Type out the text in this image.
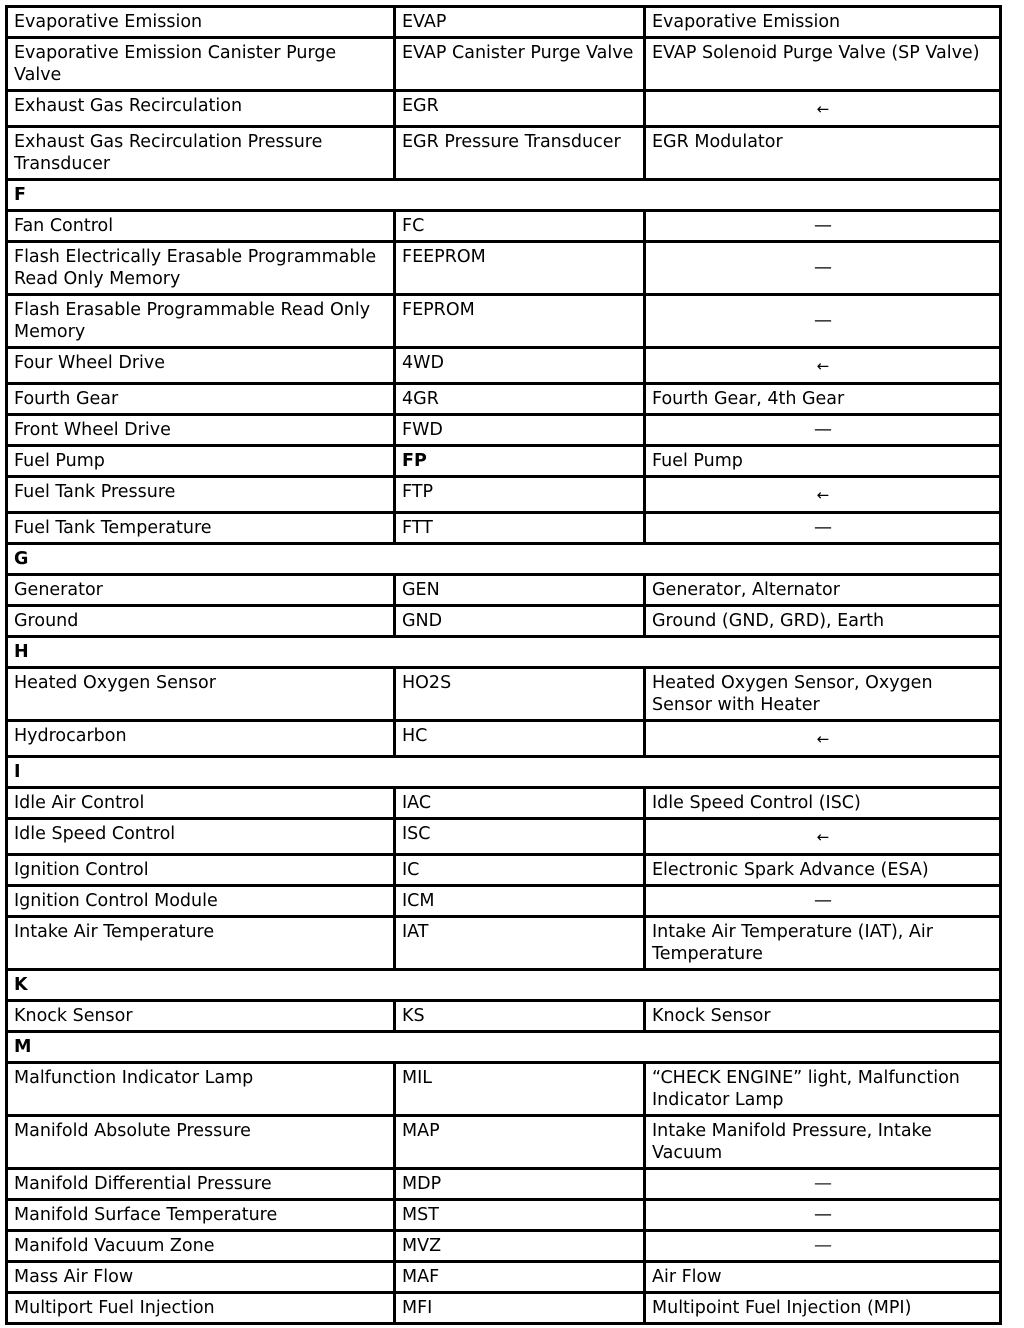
Evaporative Emission	EVAP	Evaporative Emission
Evaporative Emission Canister Purge Valve	EVAP Canister Purge Valve	EVAP Solenoid Purge Valve (SP Valve)
Exhaust Gas Recirculation	EGR	←
Exhaust Gas Recirculation Pressure Transducer	EGR Pressure Transducer	EGR Modulator
F		
Fan Control	FC	—
Flash Electrically Erasable Programmable Read Only Memory	FEEPROM	—
Flash Erasable Programmable Read Only Memory	FEPROM	—
Four Wheel Drive	4WD	←
Fourth Gear	4GR	Fourth Gear, 4th Gear
Front Wheel Drive	FWD	—
Fuel Pump	FP	Fuel Pump
Fuel Tank Pressure	FTP	←
Fuel Tank Temperature	FTT	—
G		
Generator	GEN	Generator, Alternator
Ground	GND	Ground (GND, GRD), Earth
H		
Heated Oxygen Sensor	HO2S	Heated Oxygen Sensor, Oxygen Sensor with Heater
Hydrocarbon	HC	←
I		
Idle Air Control	IAC	Idle Speed Control (ISC)
Idle Speed Control	ISC	←
Ignition Control	IC	Electronic Spark Advance (ESA)
Ignition Control Module	ICM	—
Intake Air Temperature	IAT	Intake Air Temperature (IAT), Air Temperature
K		
Knock Sensor	KS	Knock Sensor
M		
Malfunction Indicator Lamp	MIL	“CHECK ENGINE” light, Malfunction Indicator Lamp
Manifold Absolute Pressure	MAP	Intake Manifold Pressure, Intake Vacuum
Manifold Differential Pressure	MDP	—
Manifold Surface Temperature	MST	—
Manifold Vacuum Zone	MVZ	—
Mass Air Flow	MAF	Air Flow
Multiport Fuel Injection	MFI	Multipoint Fuel Injection (MPI)
